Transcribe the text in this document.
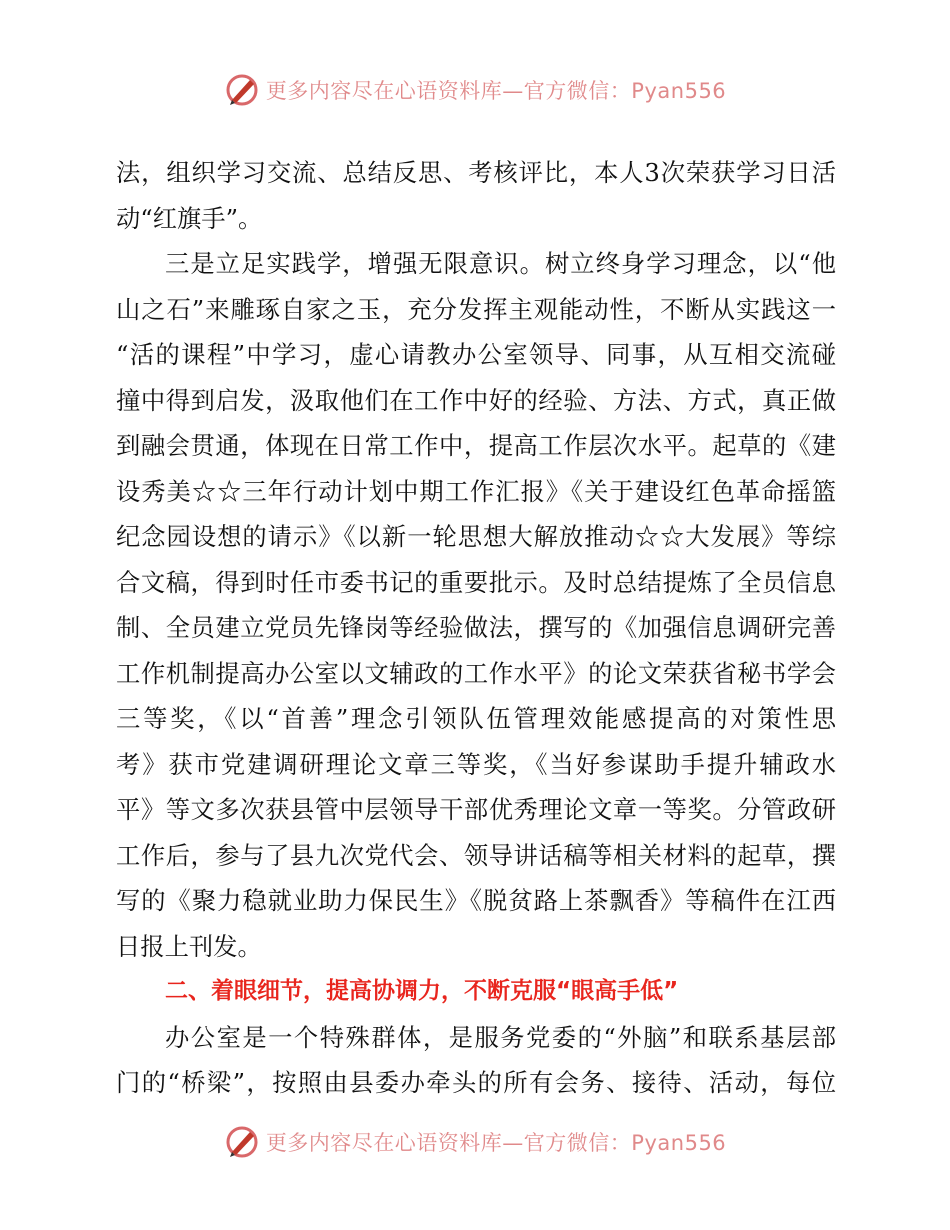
更多内容尽在心语资料库—官方微信：Pyan556
法，组织学习交流、总结反思、考核评比，本人3次荣获学习日活
动“红旗手”。
三是立足实践学，增强无限意识。树立终身学习理念，以“他
山之石”来雕琢自家之玉，充分发挥主观能动性，不断从实践这一
“活的课程”中学习，虚心请教办公室领导、同事，从互相交流碰
撞中得到启发，汲取他们在工作中好的经验、方法、方式，真正做
到融会贯通，体现在日常工作中，提高工作层次水平。起草的《建
设秀美☆☆三年行动计划中期工作汇报》《关于建设红色革命摇篮
纪念园设想的请示》《以新一轮思想大解放推动☆☆大发展》等综
合文稿，得到时任市委书记的重要批示。及时总结提炼了全员信息
制、全员建立党员先锋岗等经验做法，撰写的《加强信息调研完善
工作机制提高办公室以文辅政的工作水平》的论文荣获省秘书学会
三等奖，《以“首善”理念引领队伍管理效能感提高的对策性思
考》获市党建调研理论文章三等奖，《当好参谋助手提升辅政水
平》等文多次获县管中层领导干部优秀理论文章一等奖。分管政研
工作后，参与了县九次党代会、领导讲话稿等相关材料的起草，撰
写的《聚力稳就业助力保民生》《脱贫路上茶飘香》等稿件在江西
日报上刊发。
二、着眼细节，提高协调力，不断克服“眼高手低”
办公室是一个特殊群体，是服务党委的“外脑”和联系基层部
门的“桥梁”，按照由县委办牵头的所有会务、接待、活动，每位
更多内容尽在心语资料库—官方微信：Pyan556
